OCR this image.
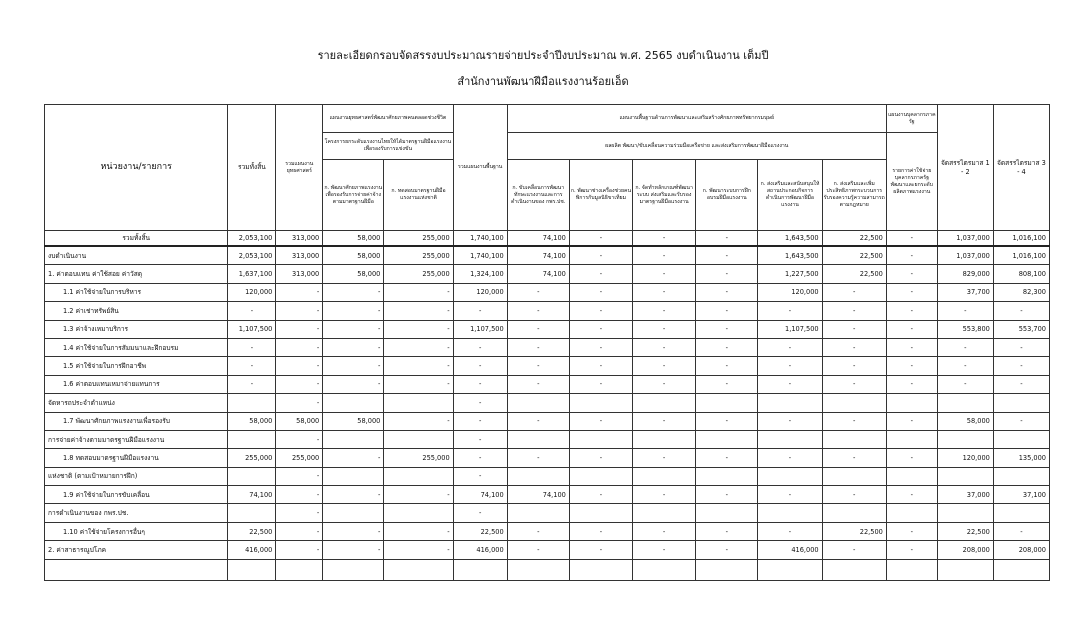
รายละเอียดกรอบจัดสรรงบประมาณรายจ่ายประจำปีงบประมาณ พ.ศ. 2565 งบดำเนินงาน เต็มปี
สำนักงานพัฒนาฝีมือแรงงานร้อยเอ็ด
หน่วยงาน/รายการ	รวมทั้งสิ้น	รวมแผนงานยุทธศาสตร์	แผนงานยุทธศาสตร์พัฒนาศักยภาพคนตลอดช่วงชีวิต		รวมแผนงานพื้นฐาน	แผนงานพื้นฐานด้านการพัฒนาและเสริมสร้างศักยภาพทรัพยากรมนุษย์						แผนงานบุคลากรภาครัฐ	จัดสรรไตรมาส 1 - 2	จัดสรรไตรมาส 3 - 4
			โครงการยกระดับแรงงานไทยให้ได้มาตรฐานฝีมือแรงงานเพื่อรองรับการแข่งขัน			ผลผลิต พัฒนา/ขับเคลื่อนความร่วมมือเครือข่าย และส่งเสริมการพัฒนาฝีมือแรงงาน						รายการค่าใช้จ่ายบุคลากรภาครัฐพัฒนาและยกระดับผลิตภาพแรงงาน		
			ก. พัฒนาศักยภาพแรงงานเพื่อรองรับการจ่ายค่าจ้างตามมาตรฐานฝีมือ	ก. ทดสอบมาตรฐานฝีมือแรงงานแห่งชาติ		ก. ขับเคลื่อนการพัฒนาทักษะแรงงานและการดำเนินงานของ กพร.ปช.	ก. พัฒนาช่างเครื่องช่วยคนพิการกับมูลนิธิขาเทียม	ก. จัดทำหลักเกณฑ์พัฒนาระบบ ส่งเสริมและรับรองมาตรฐานฝีมือแรงงาน	ก. พัฒนาระบบการฝึกอบรมฝีมือแรงงาน	ก. ส่งเสริมและสนับสนุนให้สถานประกอบกิจการดำเนินการพัฒนาฝีมือแรงงาน	ก. ส่งเสริมและเพิ่มประสิทธิภาพกระบวนการรับรองความรู้ความสามารถตามกฎหมาย			
รวมทั้งสิ้น	2,053,100	313,000	58,000	255,000	1,740,100	74,100	-	-	-	1,643,500	22,500	-	1,037,000	1,016,100
งบดำเนินงาน	2,053,100	313,000	58,000	255,000	1,740,100	74,100	-	-	-	1,643,500	22,500	-	1,037,000	1,016,100
1. ค่าตอบแทน ค่าใช้สอย ค่าวัสดุ	1,637,100	313,000	58,000	255,000	1,324,100	74,100	-	-	-	1,227,500	22,500	-	829,000	808,100
1.1 ค่าใช้จ่ายในการบริหาร	120,000	-	-	-	120,000	-	-	-	-	120,000	-	-	37,700	82,300
1.2 ค่าเช่าทรัพย์สิน	-	-	-	-	-	-	-	-	-	-	-	-	-	-
1.3 ค่าจ้างเหมาบริการ	1,107,500	-	-	-	1,107,500	-	-	-	-	1,107,500	-	-	553,800	553,700
1.4 ค่าใช้จ่ายในการสัมมนาและฝึกอบรม	-	-	-	-	-	-	-	-	-	-	-	-	-	-
1.5 ค่าใช้จ่ายในการฝึกอาชีพ	-	-	-	-	-	-	-	-	-	-	-	-	-	-
1.6 ค่าตอบแทนเหมาจ่ายแทนการ	-	-	-	-	-	-	-	-	-	-	-	-	-	-
จัดหารถประจำตำแหน่ง		-			-									
1.7 พัฒนาศักยภาพแรงงานเพื่อรองรับ	58,000	58,000	58,000	-	-	-	-	-	-	-	-	-	58,000	-
การจ่ายค่าจ้างตามมาตรฐานฝีมือแรงงาน		-			-									
1.8 ทดสอบมาตรฐานฝีมือแรงงาน	255,000	255,000	-	255,000	-	-	-	-	-	-	-	-	120,000	135,000
แห่งชาติ (ตามเป้าหมายการฝึก)		-			-									
1.9 ค่าใช้จ่ายในการขับเคลื่อน	74,100	-	-	-	74,100	74,100	-	-	-	-	-	-	37,000	37,100
การดำเนินงานของ กพร.ปช.		-			-									
1.10 ค่าใช้จ่ายโครงการอื่นๆ	22,500	-	-	-	22,500	-	-	-	-	-	22,500	-	22,500	-
2. ค่าสาธารณูปโภค	416,000	-	-	-	416,000	-	-	-	-	416,000	-	-	208,000	208,000
